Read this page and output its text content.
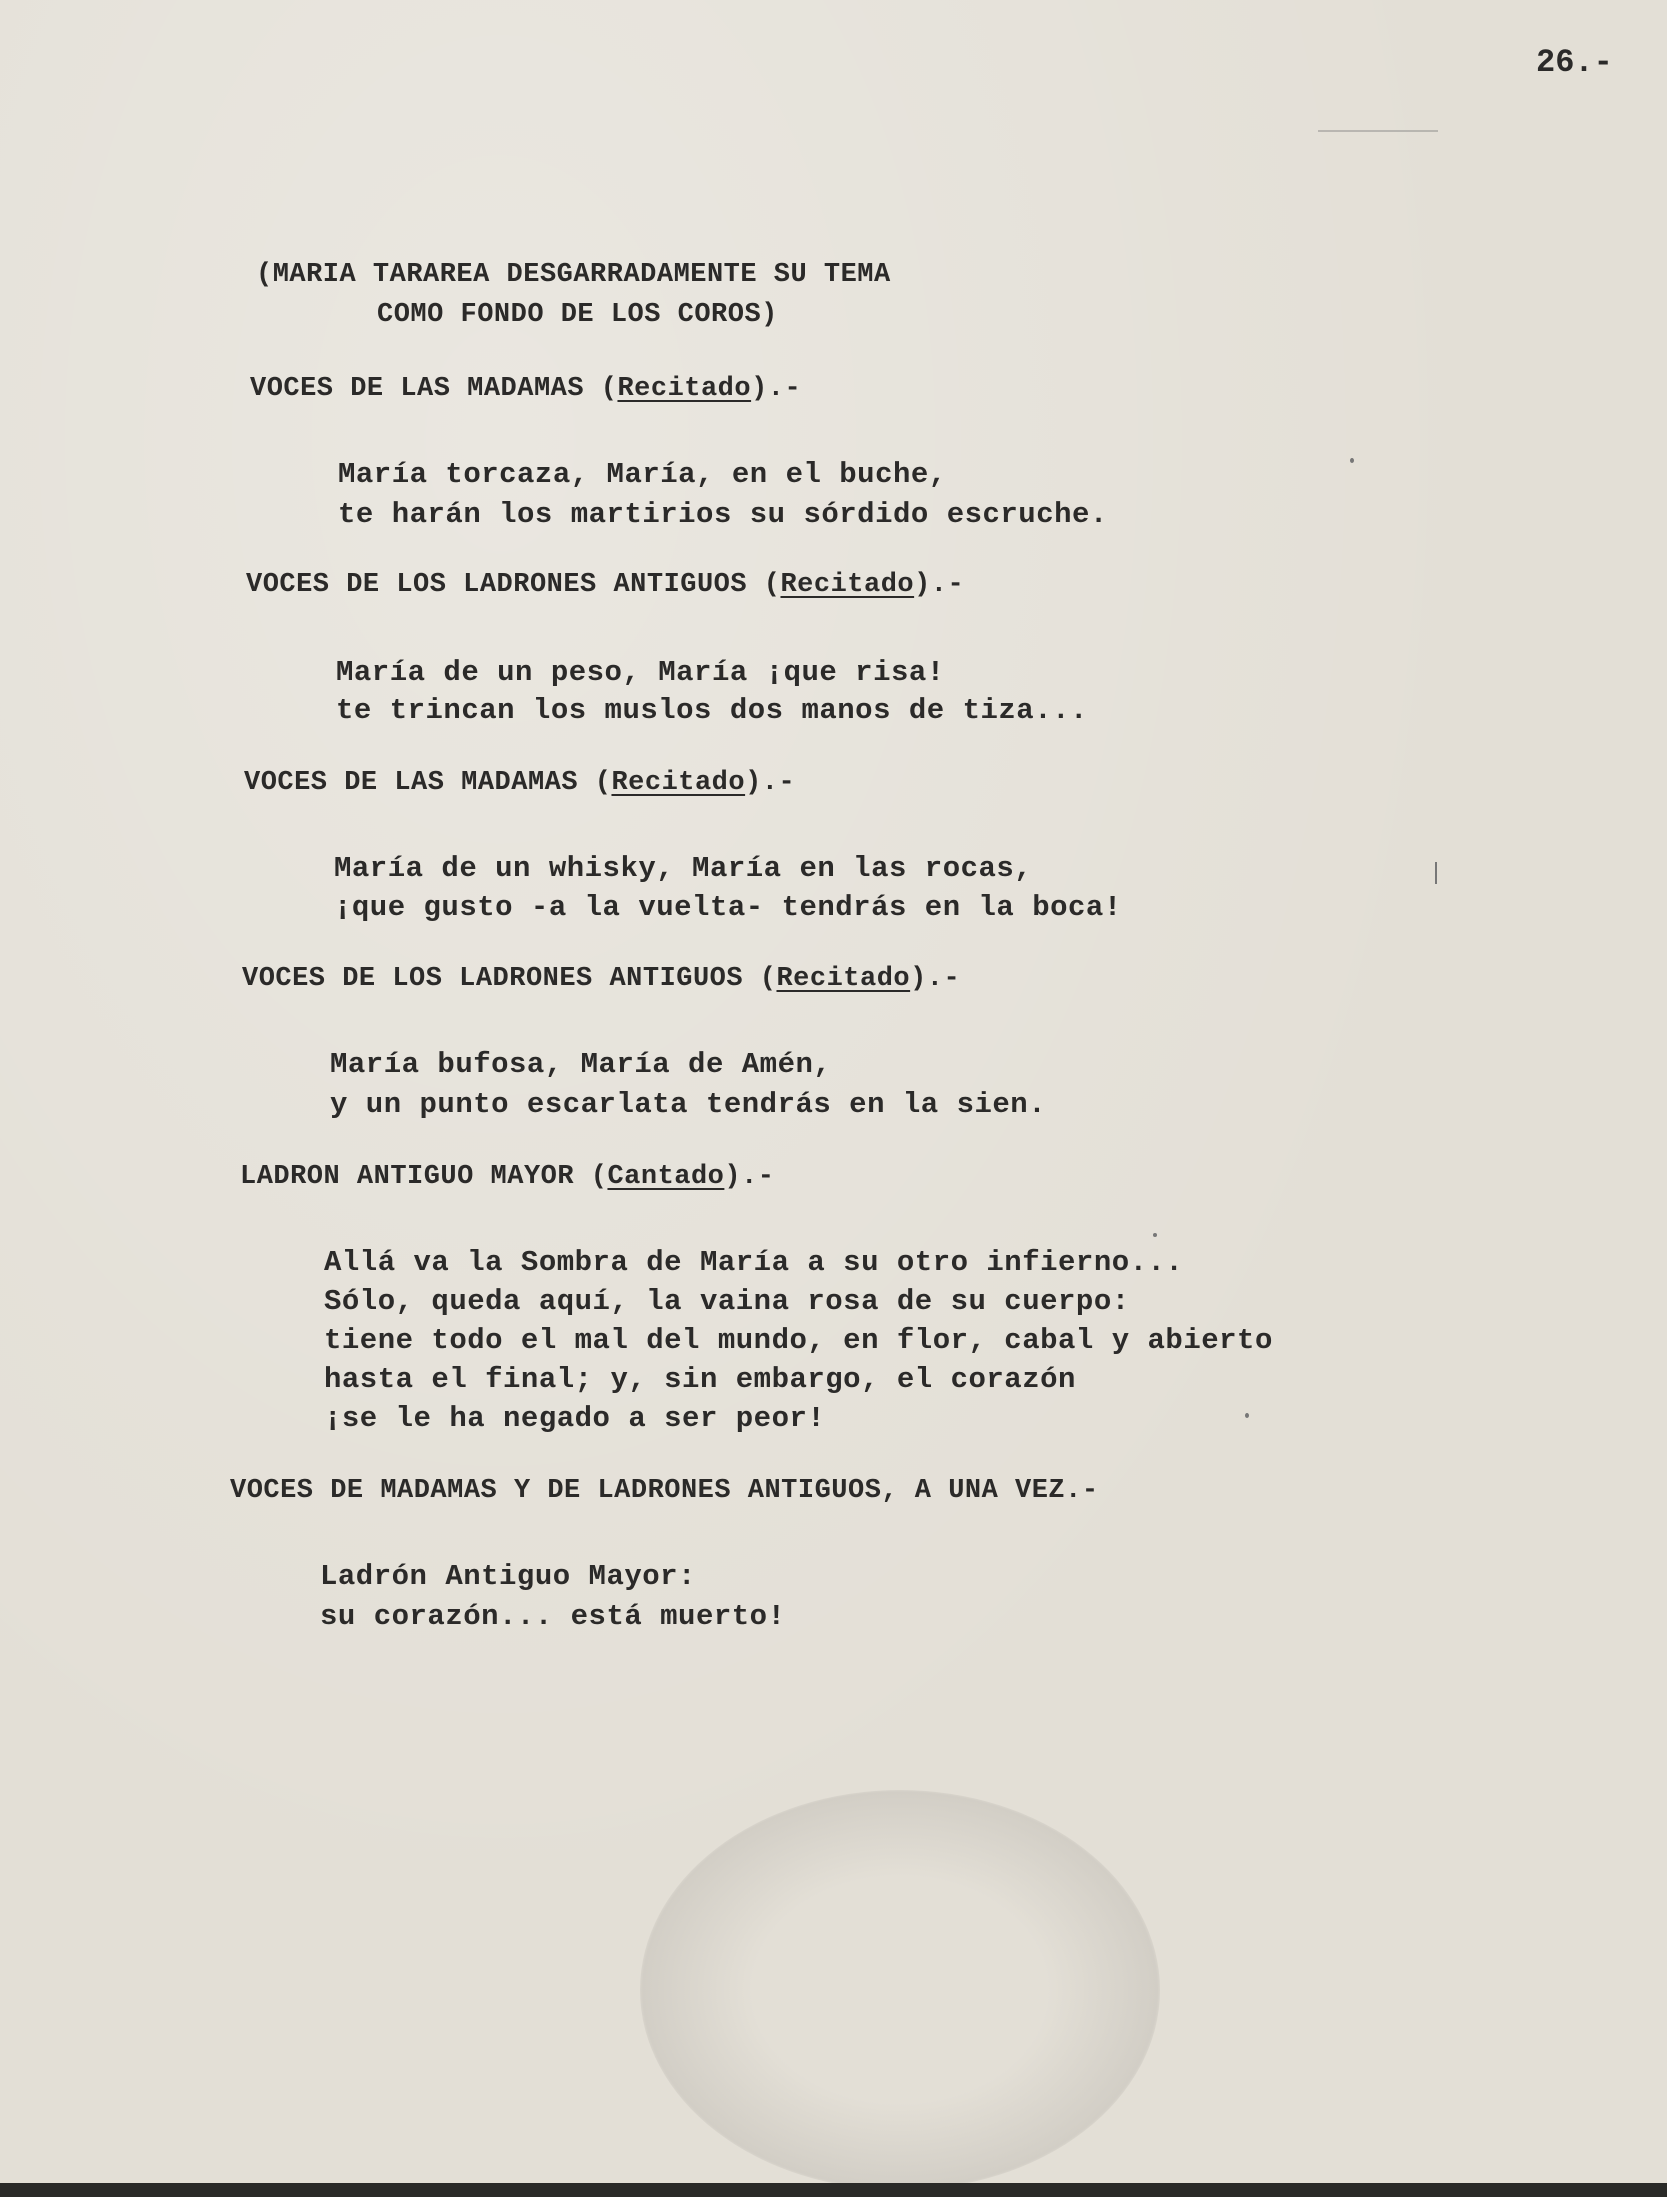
26.-
(MARIA TARAREA DESGARRADAMENTE SU TEMA
COMO FONDO DE LOS COROS)
VOCES DE LAS MADAMAS (Recitado).-
María torcaza, María, en el buche,
te harán los martirios su sórdido escruche.
VOCES DE LOS LADRONES ANTIGUOS (Recitado).-
María de un peso, María ¡que risa!
te trincan los muslos dos manos de tiza...
VOCES DE LAS MADAMAS (Recitado).-
María de un whisky, María en las rocas,
¡que gusto -a la vuelta- tendrás en la boca!
VOCES DE LOS LADRONES ANTIGUOS (Recitado).-
María bufosa, María de Amén,
y un punto escarlata tendrás en la sien.
LADRON ANTIGUO MAYOR (Cantado).-
Allá va la Sombra de María a su otro infierno...
Sólo, queda aquí, la vaina rosa de su cuerpo:
tiene todo el mal del mundo, en flor, cabal y abierto
hasta el final; y, sin embargo, el corazón
¡se le ha negado a ser peor!
VOCES DE MADAMAS Y DE LADRONES ANTIGUOS, A UNA VEZ.-
Ladrón Antiguo Mayor:
su corazón... está muerto!
